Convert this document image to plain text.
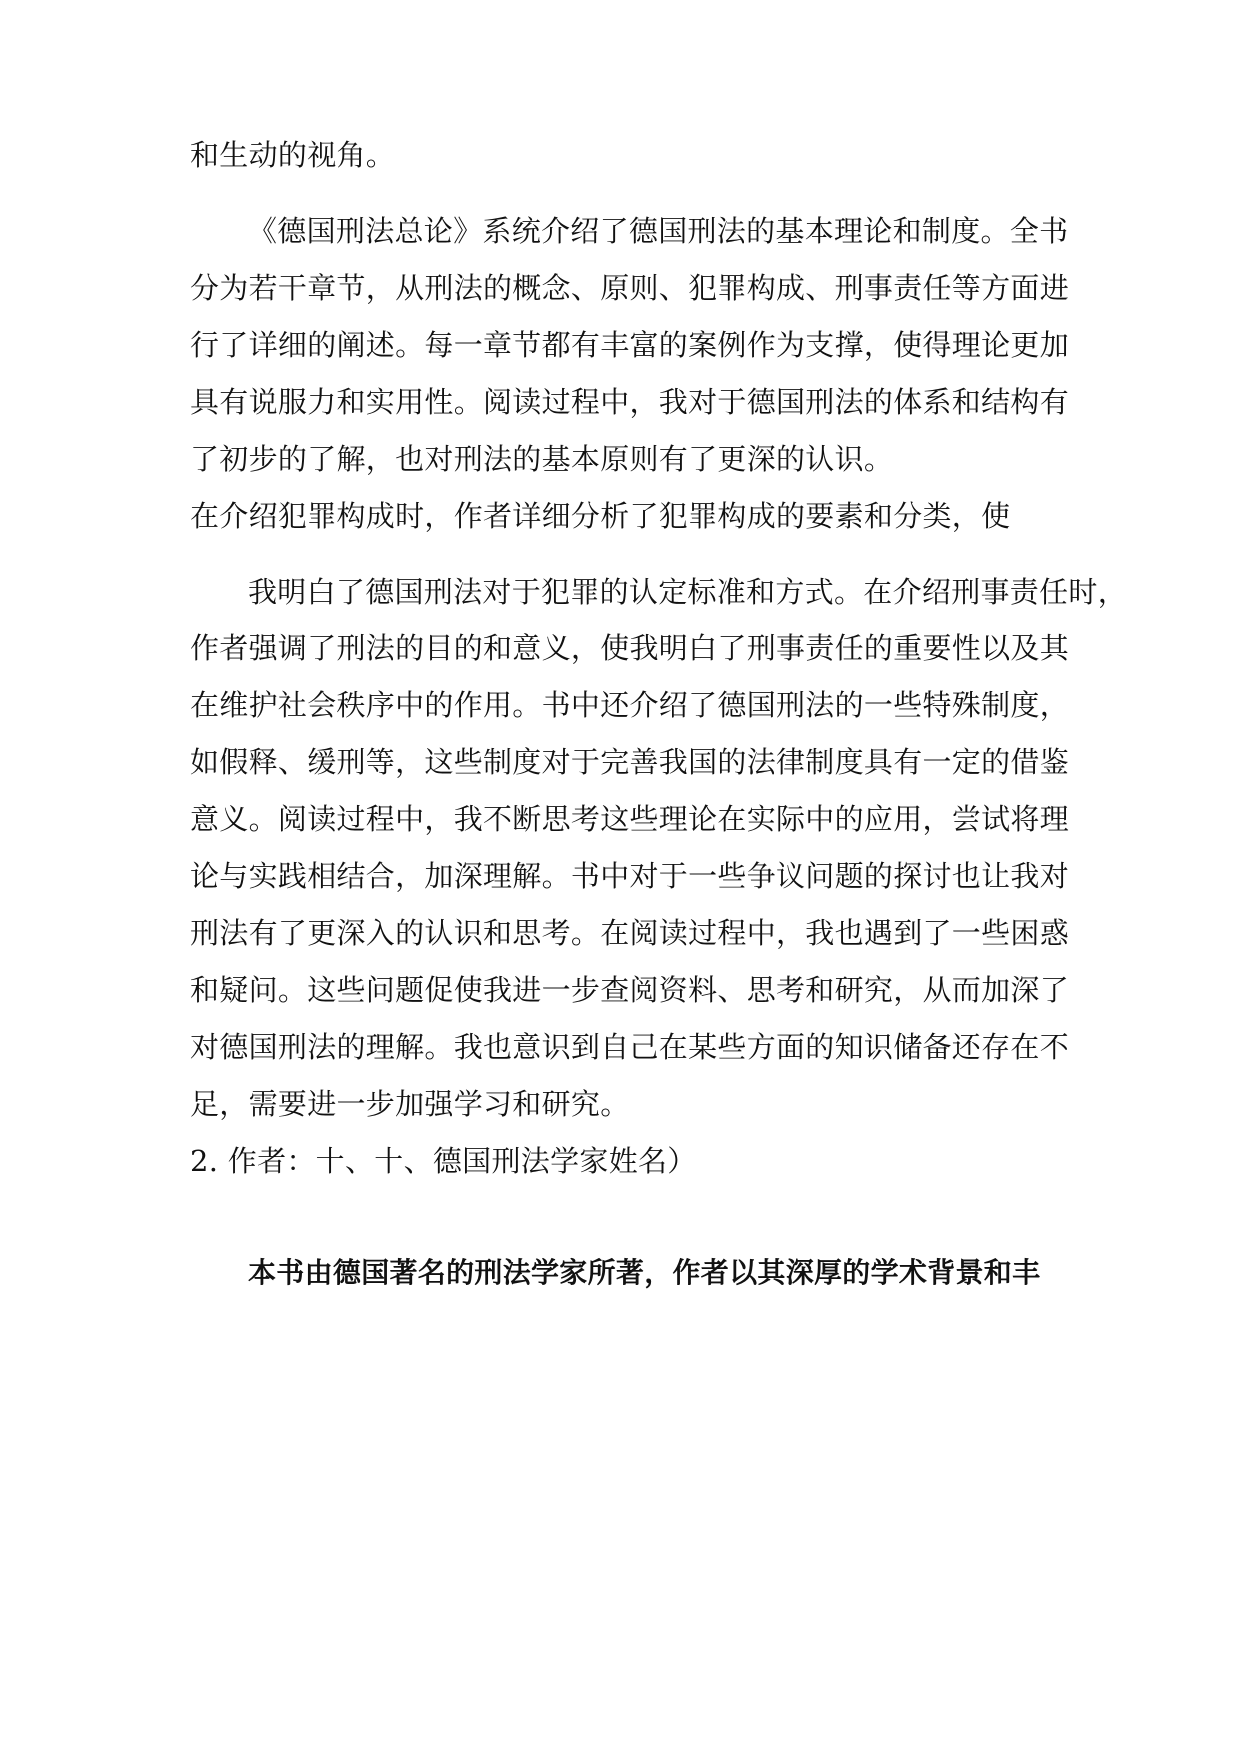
和生动的视角。
《德国刑法总论》系统介绍了德国刑法的基本理论和制度。全书
分为若干章节，从刑法的概念、原则、犯罪构成、刑事责任等方面进
行了详细的阐述。每一章节都有丰富的案例作为支撑，使得理论更加
具有说服力和实用性。阅读过程中，我对于德国刑法的体系和结构有
了初步的了解，也对刑法的基本原则有了更深的认识。
在介绍犯罪构成时，作者详细分析了犯罪构成的要素和分类，使
我明白了德国刑法对于犯罪的认定标准和方式。在介绍刑事责任时，
作者强调了刑法的目的和意义，使我明白了刑事责任的重要性以及其
在维护社会秩序中的作用。书中还介绍了德国刑法的一些特殊制度，
如假释、缓刑等，这些制度对于完善我国的法律制度具有一定的借鉴
意义。阅读过程中，我不断思考这些理论在实际中的应用，尝试将理
论与实践相结合，加深理解。书中对于一些争议问题的探讨也让我对
刑法有了更深入的认识和思考。在阅读过程中，我也遇到了一些困惑
和疑问。这些问题促使我进一步查阅资料、思考和研究，从而加深了
对德国刑法的理解。我也意识到自己在某些方面的知识储备还存在不
足，需要进一步加强学习和研究。
2. 作者：十、十、德国刑法学家姓名）
本书由德国著名的刑法学家所著，作者以其深厚的学术背景和丰
